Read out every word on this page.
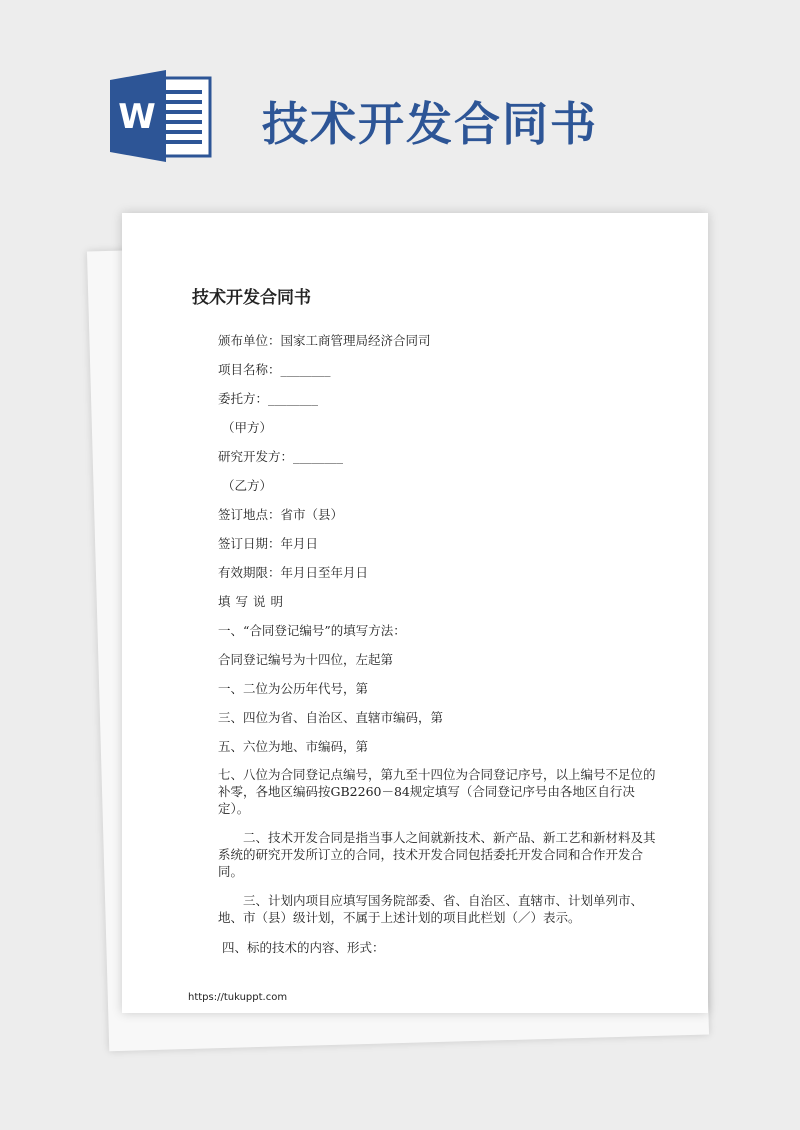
W 技术开发合同书
技术开发合同书
颁布单位：国家工商管理局经济合同司
项目名称：________
委托方：________
（甲方）
研究开发方：________
（乙方）
签订地点：省市（县）
签订日期：年月日
有效期限：年月日至年月日
填写说明
一、“合同登记编号”的填写方法：
合同登记编号为十四位，左起第
一、二位为公历年代号，第
三、四位为省、自治区、直辖市编码，第
五、六位为地、市编码，第
七、八位为合同登记点编号，第九至十四位为合同登记序号，以上编号不足位的补零，各地区编码按GB2260－84规定填写（合同登记序号由各地区自行决定）。
二、技术开发合同是指当事人之间就新技术、新产品、新工艺和新材料及其系统的研究开发所订立的合同，技术开发合同包括委托开发合同和合作开发合同。
三、计划内项目应填写国务院部委、省、自治区、直辖市、计划单列市、地、市（县）级计划，不属于上述计划的项目此栏划（／）表示。
四、标的技术的内容、形式：
https://tukuppt.com
